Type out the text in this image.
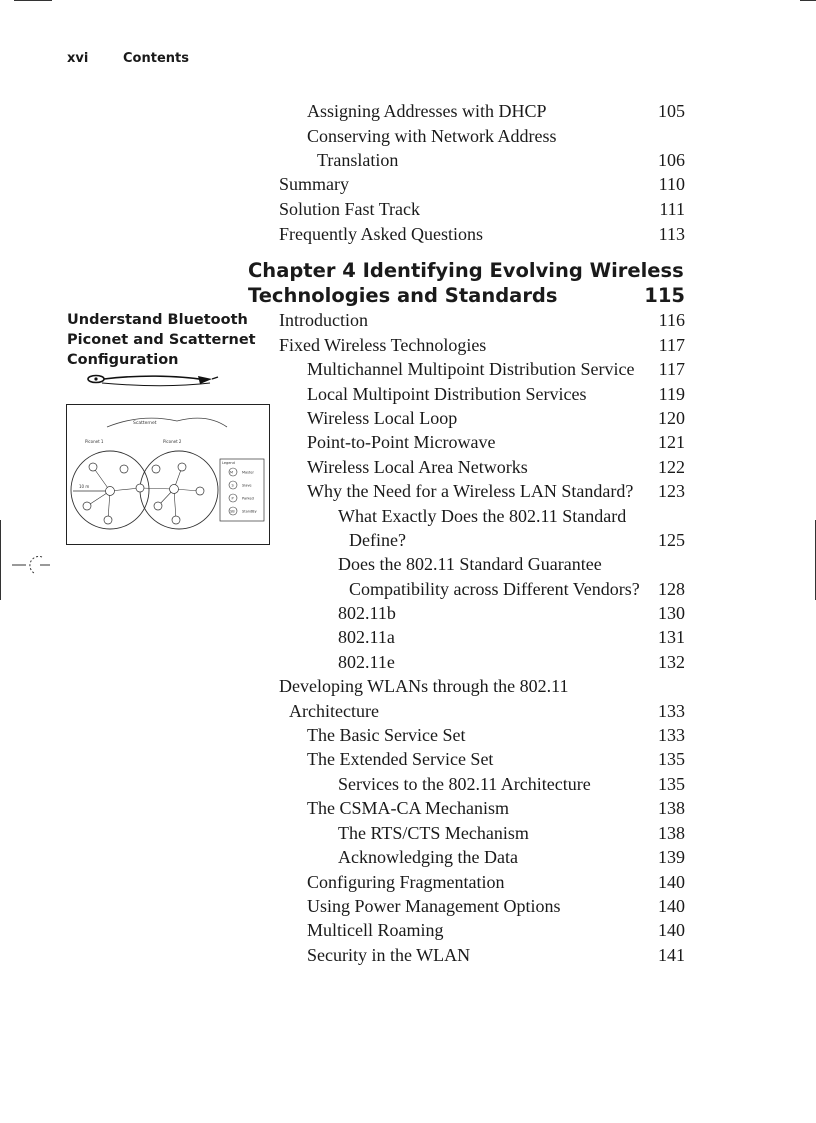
xvi	Contents
Assigning Addresses with DHCP	105
Conserving with Network Address
Translation	106
Summary	110
Solution Fast Track	111
Frequently Asked Questions	113
Chapter 4 Identifying Evolving Wireless
Technologies and Standards	115
Understand Bluetooth
Piconet and Scatternet
Configuration
Scatternet
Piconet 1	Piconet 2
10 m
Legend
M	Master
S Slave
P Parked
SB StandBy
Introduction	116
Fixed Wireless Technologies	117
Multichannel Multipoint Distribution Service 117
Local Multipoint Distribution Services	119
Wireless Local Loop	120
Point-to-Point Microwave	121
Wireless Local Area Networks	122
Why the Need for a Wireless LAN Standard? 123
What Exactly Does the 802.11 Standard
Define?	125
Does the 802.11 Standard Guarantee
Compatibility across Different Vendors? 128
802.11b	130
802.11a	131
802.11e	132
Developing WLANs through the 802.11
Architecture	133
The Basic Service Set	133
The Extended Service Set	135
Services to the 802.11 Architecture	135
The CSMA-CA Mechanism	138
The RTS/CTS Mechanism	138
Acknowledging the Data	139
Configuring Fragmentation	140
Using Power Management Options	140
Multicell Roaming	140
Security in the WLAN	141
